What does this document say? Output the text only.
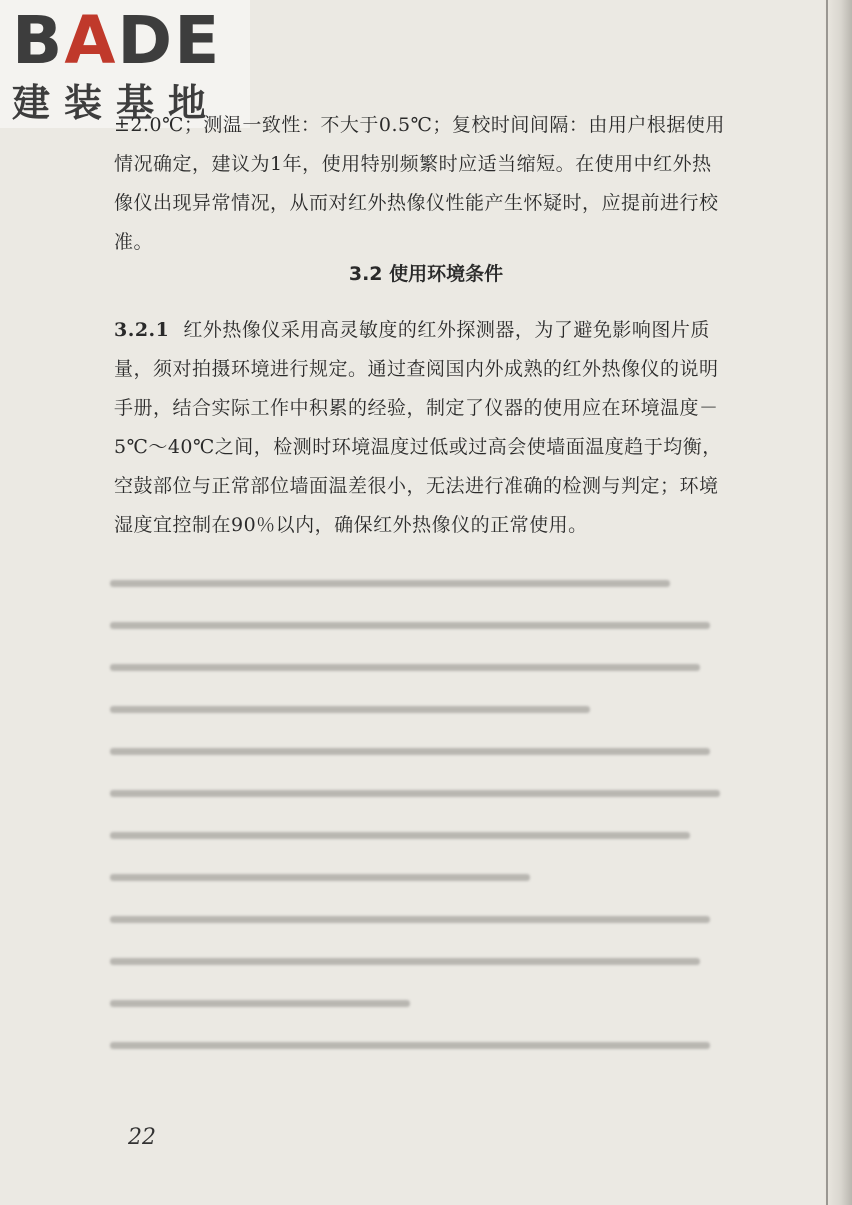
BADE
建装基地
±2.0℃；测温一致性：不大于0.5℃；复校时间间隔：由用户根据使用情况确定，建议为1年，使用特别频繁时应适当缩短。在使用中红外热像仪出现异常情况，从而对红外热像仪性能产生怀疑时，应提前进行校准。
3.2 使用环境条件
3.2.1 红外热像仪采用高灵敏度的红外探测器，为了避免影响图片质量，须对拍摄环境进行规定。通过查阅国内外成熟的红外热像仪的说明手册，结合实际工作中积累的经验，制定了仪器的使用应在环境温度－5℃～40℃之间，检测时环境温度过低或过高会使墙面温度趋于均衡，空鼓部位与正常部位墙面温差很小，无法进行准确的检测与判定；环境湿度宜控制在90％以内，确保红外热像仪的正常使用。
22
